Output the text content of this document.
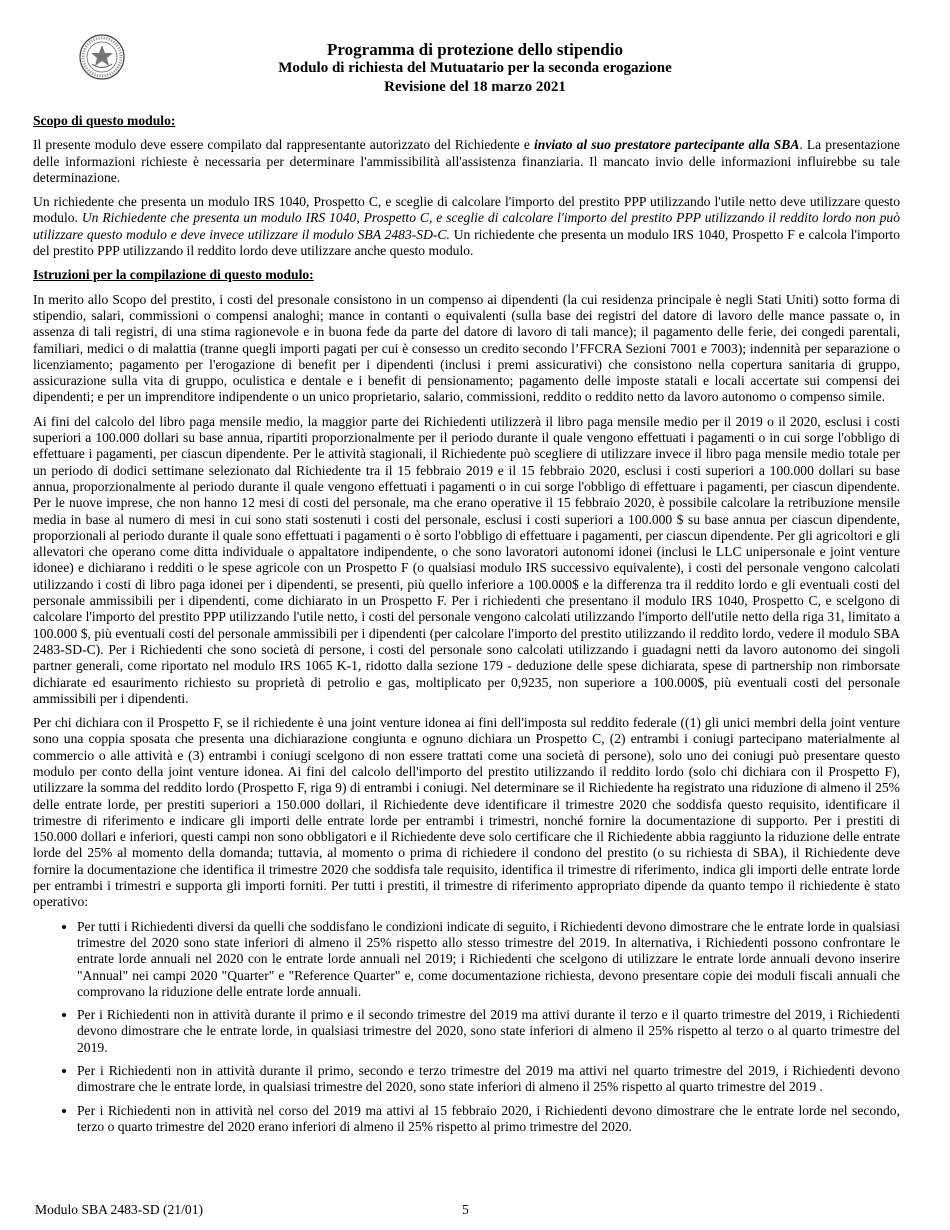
Programma di protezione dello stipendio
Modulo di richiesta del Mutuatario per la seconda erogazione
Revisione del 18 marzo 2021
Scopo di questo modulo:

Il presente modulo deve essere compilato dal rappresentante autorizzato del Richiedente e inviato al suo prestatore partecipante alla SBA. La presentazione delle informazioni richieste è necessaria per determinare l'ammissibilità all'assistenza finanziaria. Il mancato invio delle informazioni influirebbe su tale determinazione.

Un richiedente che presenta un modulo IRS 1040, Prospetto C, e sceglie di calcolare l'importo del prestito PPP utilizzando l'utile netto deve utilizzare questo modulo. Un Richiedente che presenta un modulo IRS 1040, Prospetto C, e sceglie di calcolare l'importo del prestito PPP utilizzando il reddito lordo non può utilizzare questo modulo e deve invece utilizzare il modulo SBA 2483-SD-C. Un richiedente che presenta un modulo IRS 1040, Prospetto F e calcola l'importo del prestito PPP utilizzando il reddito lordo deve utilizzare anche questo modulo.

Istruzioni per la compilazione di questo modulo:

In merito allo Scopo del prestito, i costi del presonale consistono in un compenso ai dipendenti (la cui residenza principale è negli Stati Uniti) sotto forma di stipendio, salari, commissioni o compensi analoghi; mance in contanti o equivalenti (sulla base dei registri del datore di lavoro delle mance passate o, in assenza di tali registri, di una stima ragionevole e in buona fede da parte del datore di lavoro di tali mance); il pagamento delle ferie, dei congedi parentali, familiari, medici o di malattia (tranne quegli importi pagati per cui è consesso un credito secondo l’FFCRA Sezioni 7001 e 7003); indennità per separazione o licenziamento; pagamento per l'erogazione di benefit per i dipendenti (inclusi i premi assicurativi) che consistono nella copertura sanitaria di gruppo, assicurazione sulla vita di gruppo, oculistica e dentale e i benefit di pensionamento; pagamento delle imposte statali e locali accertate sui compensi dei dipendenti; e per un imprenditore indipendente o un unico proprietario, salario, commissioni, reddito o reddito netto da lavoro autonomo o compenso simile.

Ai fini del calcolo del libro paga mensile medio, la maggior parte dei Richiedenti utilizzerà il libro paga mensile medio per il 2019 o il 2020, esclusi i costi superiori a 100.000 dollari su base annua, ripartiti proporzionalmente per il periodo durante il quale vengono effettuati i pagamenti o in cui sorge l'obbligo di effettuare i pagamenti, per ciascun dipendente. Per le attività stagionali, il Richiedente può scegliere di utilizzare invece il libro paga mensile medio totale per un periodo di dodici settimane selezionato dal Richiedente tra il 15 febbraio 2019 e il 15 febbraio 2020, esclusi i costi superiori a 100.000 dollari su base annua, proporzionalmente al periodo durante il quale vengono effettuati i pagamenti o in cui sorge l'obbligo di effettuare i pagamenti, per ciascun dipendente. Per le nuove imprese, che non hanno 12 mesi di costi del personale, ma che erano operative il 15 febbraio 2020, è possibile calcolare la retribuzione mensile media in base al numero di mesi in cui sono stati sostenuti i costi del personale, esclusi i costi superiori a 100.000 $ su base annua per ciascun dipendente, proporzionali al periodo durante il quale sono effettuati i pagamenti o è sorto l'obbligo di effettuare i pagamenti, per ciascun dipendente. Per gli agricoltori e gli allevatori che operano come ditta individuale o appaltatore indipendente, o che sono lavoratori autonomi idonei (inclusi le LLC unipersonale e joint venture idonee) e dichiarano i redditi o le spese agricole con un Prospetto F (o qualsiasi modulo IRS successivo equivalente), i costi del personale vengono calcolati utilizzando i costi di libro paga idonei per i dipendenti, se presenti, più quello inferiore a 100.000$ e la differenza tra il reddito lordo e gli eventuali costi del personale ammissibili per i dipendenti, come dichiarato in un Prospetto F. Per i richiedenti che presentano il modulo IRS 1040, Prospetto C, e scelgono di calcolare l'importo del prestito PPP utilizzando l'utile netto, i costi del personale vengono calcolati utilizzando l'importo dell'utile netto della riga 31, limitato a 100.000 $, più eventuali costi del personale ammissibili per i dipendenti (per calcolare l'importo del prestito utilizzando il reddito lordo, vedere il modulo SBA 2483-SD-C). Per i Richiedenti che sono società di persone, i costi del personale sono calcolati utilizzando i guadagni netti da lavoro autonomo dei singoli partner generali, come riportato nel modulo IRS 1065 K-1, ridotto dalla sezione 179 - deduzione delle spese dichiarata, spese di partnership non rimborsate dichiarate ed esaurimento richiesto su proprietà di petrolio e gas, moltiplicato per 0,9235, non superiore a 100.000$, più eventuali costi del personale ammissibili per i dipendenti.

Per chi dichiara con il Prospetto F, se il richiedente è una joint venture idonea ai fini dell'imposta sul reddito federale ((1) gli unici membri della joint venture sono una coppia sposata che presenta una dichiarazione congiunta e ognuno dichiara un Prospetto C, (2) entrambi i coniugi partecipano materialmente al commercio o alle attività e (3) entrambi i coniugi scelgono di non essere trattati come una società di persone), solo uno dei coniugi può presentare questo modulo per conto della joint venture idonea. Ai fini del calcolo dell'importo del prestito utilizzando il reddito lordo (solo chi dichiara con il Prospetto F), utilizzare la somma del reddito lordo (Prospetto F, riga 9) di entrambi i coniugi. Nel determinare se il Richiedente ha registrato una riduzione di almeno il 25% delle entrate lorde, per prestiti superiori a 150.000 dollari, il Richiedente deve identificare il trimestre 2020 che soddisfa questo requisito, identificare il trimestre di riferimento e indicare gli importi delle entrate lorde per entrambi i trimestri, nonché fornire la documentazione di supporto. Per i prestiti di 150.000 dollari e inferiori, questi campi non sono obbligatori e il Richiedente deve solo certificare che il Richiedente abbia raggiunto la riduzione delle entrate lorde del 25% al momento della domanda; tuttavia, al momento o prima di richiedere il condono del prestito (o su richiesta di SBA), il Richiedente deve fornire la documentazione che identifica il trimestre 2020 che soddisfa tale requisito, identifica il trimestre di riferimento, indica gli importi delle entrate lorde per entrambi i trimestri e supporta gli importi forniti. Per tutti i prestiti, il trimestre di riferimento appropriato dipende da quanto tempo il richiedente è stato operativo:

• Per tutti i Richiedenti diversi da quelli che soddisfano le condizioni indicate di seguito, i Richiedenti devono dimostrare che le entrate lorde in qualsiasi trimestre del 2020 sono state inferiori di almeno il 25% rispetto allo stesso trimestre del 2019. In alternativa, i Richiedenti possono confrontare le entrate lorde annuali nel 2020 con le entrate lorde annuali nel 2019; i Richiedenti che scelgono di utilizzare le entrate lorde annuali devono inserire "Annual" nei campi 2020 "Quarter" e "Reference Quarter" e, come documentazione richiesta, devono presentare copie dei moduli fiscali annuali che comprovano la riduzione delle entrate lorde annuali.
• Per i Richiedenti non in attività durante il primo e il secondo trimestre del 2019 ma attivi durante il terzo e il quarto trimestre del 2019, i Richiedenti devono dimostrare che le entrate lorde, in qualsiasi trimestre del 2020, sono state inferiori di almeno il 25% rispetto al terzo o al quarto trimestre del 2019.
• Per i Richiedenti non in attività durante il primo, secondo e terzo trimestre del 2019 ma attivi nel quarto trimestre del 2019, i Richiedenti devono dimostrare che le entrate lorde, in qualsiasi trimestre del 2020, sono state inferiori di almeno il 25% rispetto al quarto trimestre del 2019 .
• Per i Richiedenti non in attività nel corso del 2019 ma attivi al 15 febbraio 2020, i Richiedenti devono dimostrare che le entrate lorde nel secondo, terzo o quarto trimestre del 2020 erano inferiori di almeno il 25% rispetto al primo trimestre del 2020.
Modulo SBA 2483-SD (21/01)	5
